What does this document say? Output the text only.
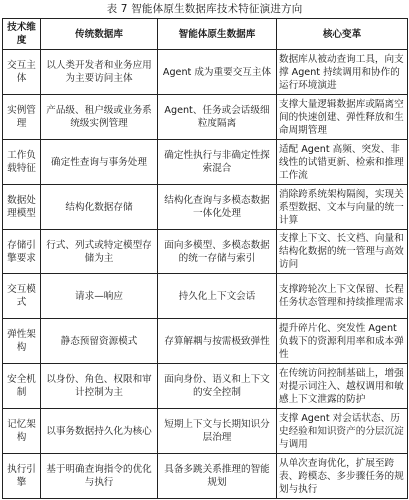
表 7 智能体原生数据库技术特征演进方向
技术维度	传统数据库	智能体原生数据库	核心变革
交互主体	以人类开发者和业务应用为主要访问主体	Agent 成为重要交互主体	数据库从被动查询工具，向支撑 Agent 持续调用和协作的运行环境演进
实例管理	产品级、租户级或业务系统级实例管理	Agent、任务或会话级细粒度隔离	支撑大量逻辑数据库或隔离空间的快速创建、弹性释放和生命周期管理
工作负载特征	确定性查询与事务处理	确定性执行与非确定性探索混合	适配 Agent 高频、突发、非线性的试错更新、检索和推理工作流
数据处理模型	结构化数据存储	结构化查询与多模态数据一体化处理	消除跨系统架构隔阂，实现关系型数据、文本与向量的统一计算
存储引擎要求	行式、列式或特定模型存储为主	面向多模型、多模态数据的统一存储与索引	支撑上下文、长文档、向量和结构化数据的统一管理与高效访问
交互模式	请求—响应	持久化上下文会话	支撑跨轮次上下文保留、长程任务状态管理和持续推理需求
弹性架构	静态预留资源模式	存算解耦与按需极致弹性	提升碎片化、突发性 Agent 负载下的资源利用率和成本弹性
安全机制	以身份、角色、权限和审计控制为主	面向身份、语义和上下文的安全控制	在传统访问控制基础上，增强对提示词注入、越权调用和敏感上下文泄露的防护
记忆架构	以事务数据持久化为核心	短期上下文与长期知识分层治理	支撑 Agent 对会话状态、历史经验和知识资产的分层沉淀与调用
执行引擎	基于明确查询指令的优化与执行	具备多跳关系推理的智能规划	从单次查询优化，扩展至跨表、跨模态、多步骤任务的规划与执行
